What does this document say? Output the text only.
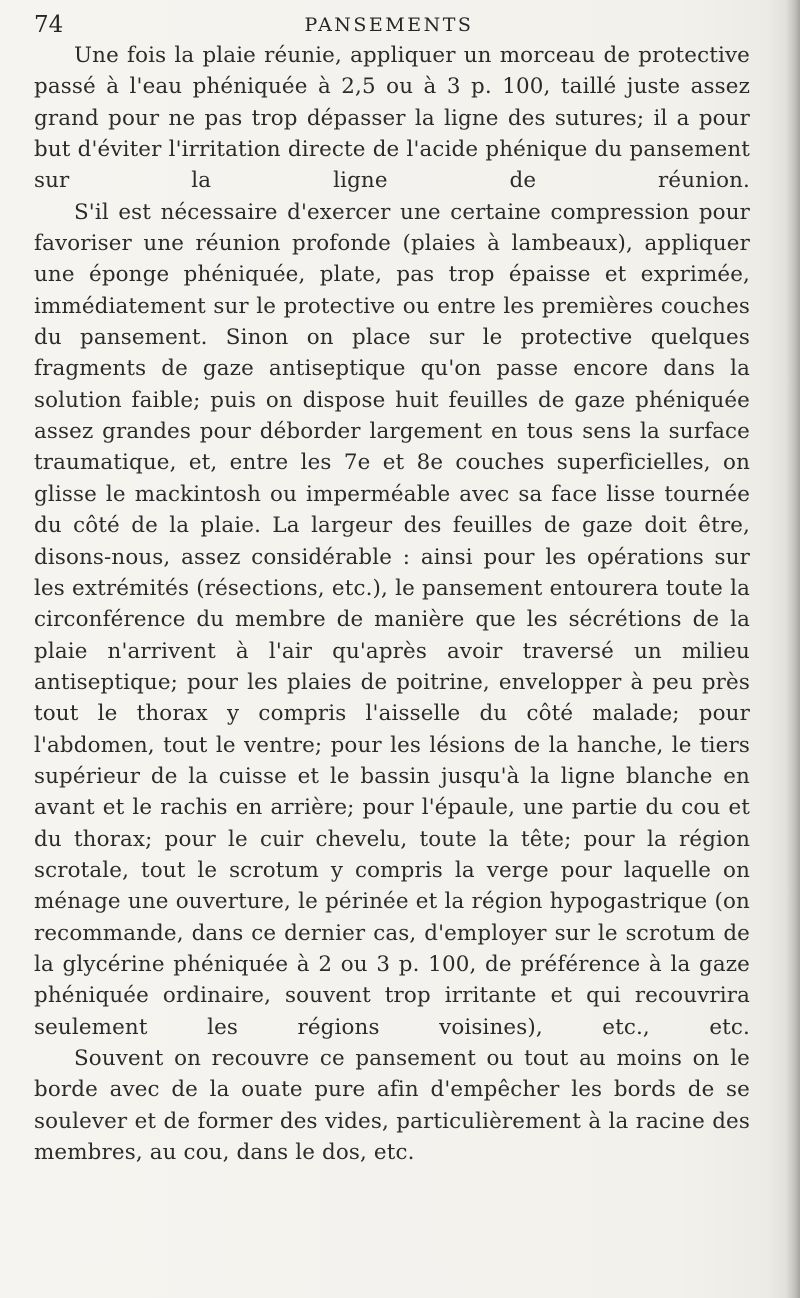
74	PANSEMENTS

Une fois la plaie réunie, appliquer un morceau de protective passé à l'eau phéniquée à 2,5 ou à 3 p. 100, taillé juste assez grand pour ne pas trop dépasser la ligne des sutures; il a pour but d'éviter l'irritation directe de l'acide phénique du pansement sur la ligne de réunion.

S'il est nécessaire d'exercer une certaine compression pour favoriser une réunion profonde (plaies à lambeaux), appliquer une éponge phéniquée, plate, pas trop épaisse et exprimée, immédiatement sur le protective ou entre les premières couches du pansement. Sinon on place sur le protective quelques fragments de gaze antiseptique qu'on passe encore dans la solution faible; puis on dispose huit feuilles de gaze phéniquée assez grandes pour déborder largement en tous sens la surface traumatique, et, entre les 7e et 8e couches superficielles, on glisse le mackintosh ou imperméable avec sa face lisse tournée du côté de la plaie. La largeur des feuilles de gaze doit être, disons-nous, assez considérable : ainsi pour les opérations sur les extrémités (résections, etc.), le pansement entourera toute la circonférence du membre de manière que les sécrétions de la plaie n'arrivent à l'air qu'après avoir traversé un milieu antiseptique; pour les plaies de poitrine, envelopper à peu près tout le thorax y compris l'aisselle du côté malade; pour l'abdomen, tout le ventre; pour les lésions de la hanche, le tiers supérieur de la cuisse et le bassin jusqu'à la ligne blanche en avant et le rachis en arrière; pour l'épaule, une partie du cou et du thorax; pour le cuir chevelu, toute la tête; pour la région scrotale, tout le scrotum y compris la verge pour laquelle on ménage une ouverture, le périnée et la région hypogastrique (on recommande, dans ce dernier cas, d'employer sur le scrotum de la glycérine phéniquée à 2 ou 3 p. 100, de préférence à la gaze phéniquée ordinaire, souvent trop irritante et qui recouvrira seulement les régions voisines), etc., etc.

Souvent on recouvre ce pansement ou tout au moins on le borde avec de la ouate pure afin d'empêcher les bords de se soulever et de former des vides, particulièrement à la racine des membres, au cou, dans le dos, etc.
